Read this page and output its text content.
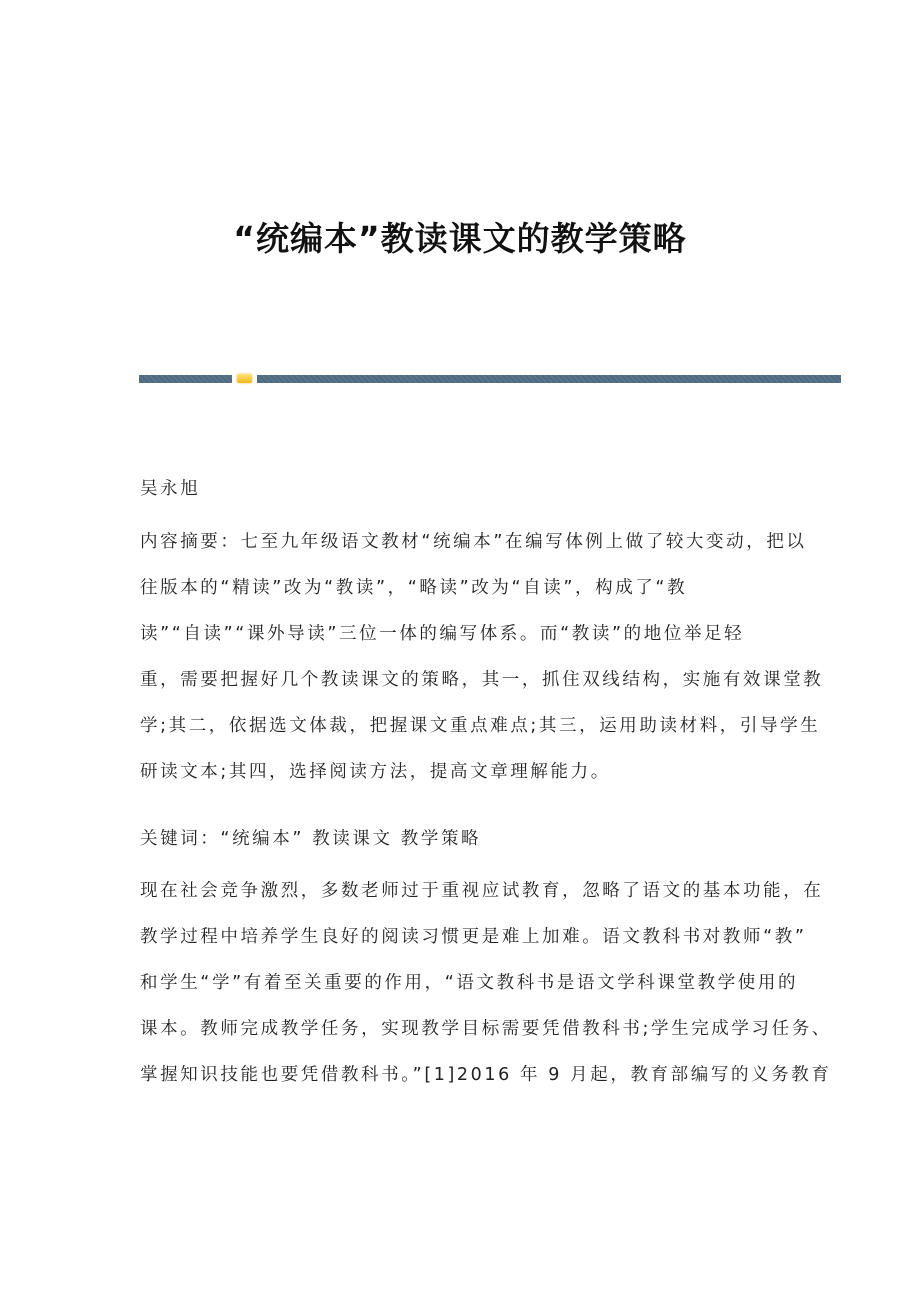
“统编本”教读课文的教学策略
吴永旭
内容摘要：七至九年级语文教材“统编本”在编写体例上做了较大变动，把以
往版本的“精读”改为“教读”，“略读”改为“自读”，构成了“教
读”“自读”“课外导读”三位一体的编写体系。而“教读”的地位举足轻
重，需要把握好几个教读课文的策略，其一，抓住双线结构，实施有效课堂教
学;其二，依据选文体裁，把握课文重点难点;其三，运用助读材料，引导学生
研读文本;其四，选择阅读方法，提高文章理解能力。
关键词：“统编本” 教读课文 教学策略
现在社会竞争激烈，多数老师过于重视应试教育，忽略了语文的基本功能，在
教学过程中培养学生良好的阅读习惯更是难上加难。语文教科书对教师“教”
和学生“学”有着至关重要的作用，“语文教科书是语文学科课堂教学使用的
课本。教师完成教学任务，实现教学目标需要凭借教科书;学生完成学习任务、
掌握知识技能也要凭借教科书。”[1]2016 年 9 月起，教育部编写的义务教育
